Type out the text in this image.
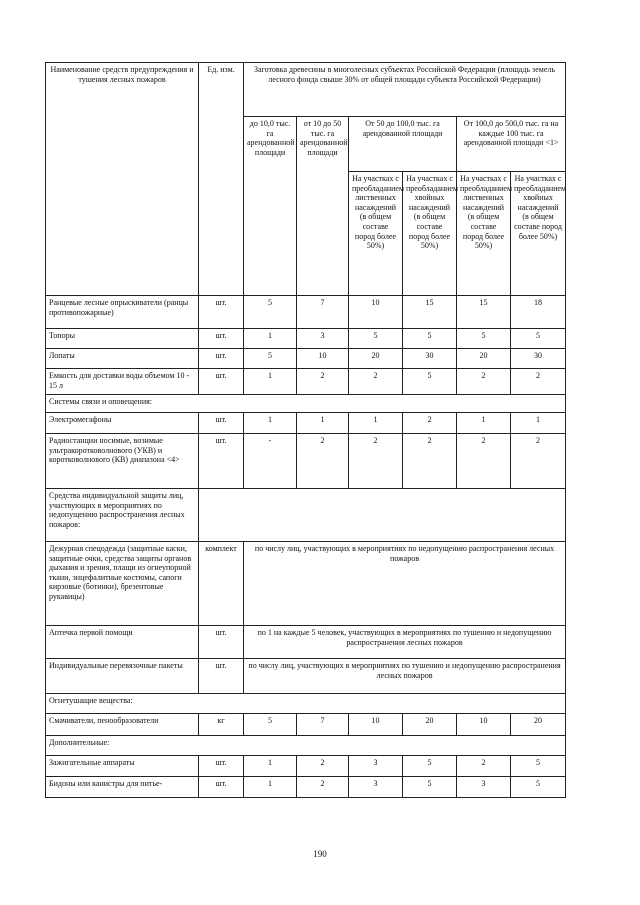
Наименование средств предупреждения и тушения лесных пожаров	Ед. изм.	Заготовка древесины в многолесных субъектах Российской Федерации (площадь земель лесного фонда свыше 30% от общей площади субъекта Российской Федерации)					
		до 10,0 тыс. га арендованной площади	от 10 до 50 тыс. га арендованной площади	От 50 до 100,0 тыс. га арендованной площади		От 100,0 до 500,0 тыс. га на каждые 100 тыс. га арендованной площади <1>	
				На участках с преобладанием лиственных насаждений (в общем составе пород более 50%)	На участках с преобладанием хвойных насаждений (в общем составе пород более 50%)	На участках с преобладанием лиственных насаждений (в общем составе пород более 50%)	На участках с преобладанием хвойных насаждений (в общем составе пород более 50%)
Ранцевые лесные опрыскиватели (ранцы противопожарные)	шт.	5	7	10	15	15	18
Топоры	шт.	1	3	5	5	5	5
Лопаты	шт.	5	10	20	30	20	30
Емкость для доставки воды объемом 10 - 15 л	шт.	1	2	2	5	2	2
Системы связи и оповещения:							
Электромегафоны	шт.	1	1	1	2	1	1
Радиостанции носимые, возимые ультракоротковолнового (УКВ) и коротковолнового (КВ) диапазона <4>	шт.	-	2	2	2	2	2
Средства индивидуальной защиты лиц, участвующих в мероприятиях по недопущению распространения лесных пожаров:							
Дежурная спецодежда (защитные каски, защитные очки, средства защиты органов дыхания и зрения, плащи из огнеупорной ткани, энцефалитные костюмы, сапоги кирзовые (ботинки), брезентовые рукавицы)	комплект	по числу лиц, участвующих в мероприятиях по недопущению распространения лесных пожаров					
Аптечка первой помощи	шт.	по 1 на каждые 5 человек, участвующих в мероприятиях по тушению и недопущению распространения лесных пожаров					
Индивидуальные перевязочные пакеты	шт.	по числу лиц, участвующих в мероприятиях по тушению и недопущению распространения лесных пожаров					
Огнетушащие вещества:							
Смачиватели, пенообразователи	кг	5	7	10	20	10	20
Дополнительные:							
Зажигательные аппараты	шт.	1	2	3	5	2	5
Бидоны или канистры для питье-	шт.	1	2	3	5	3	5
190
